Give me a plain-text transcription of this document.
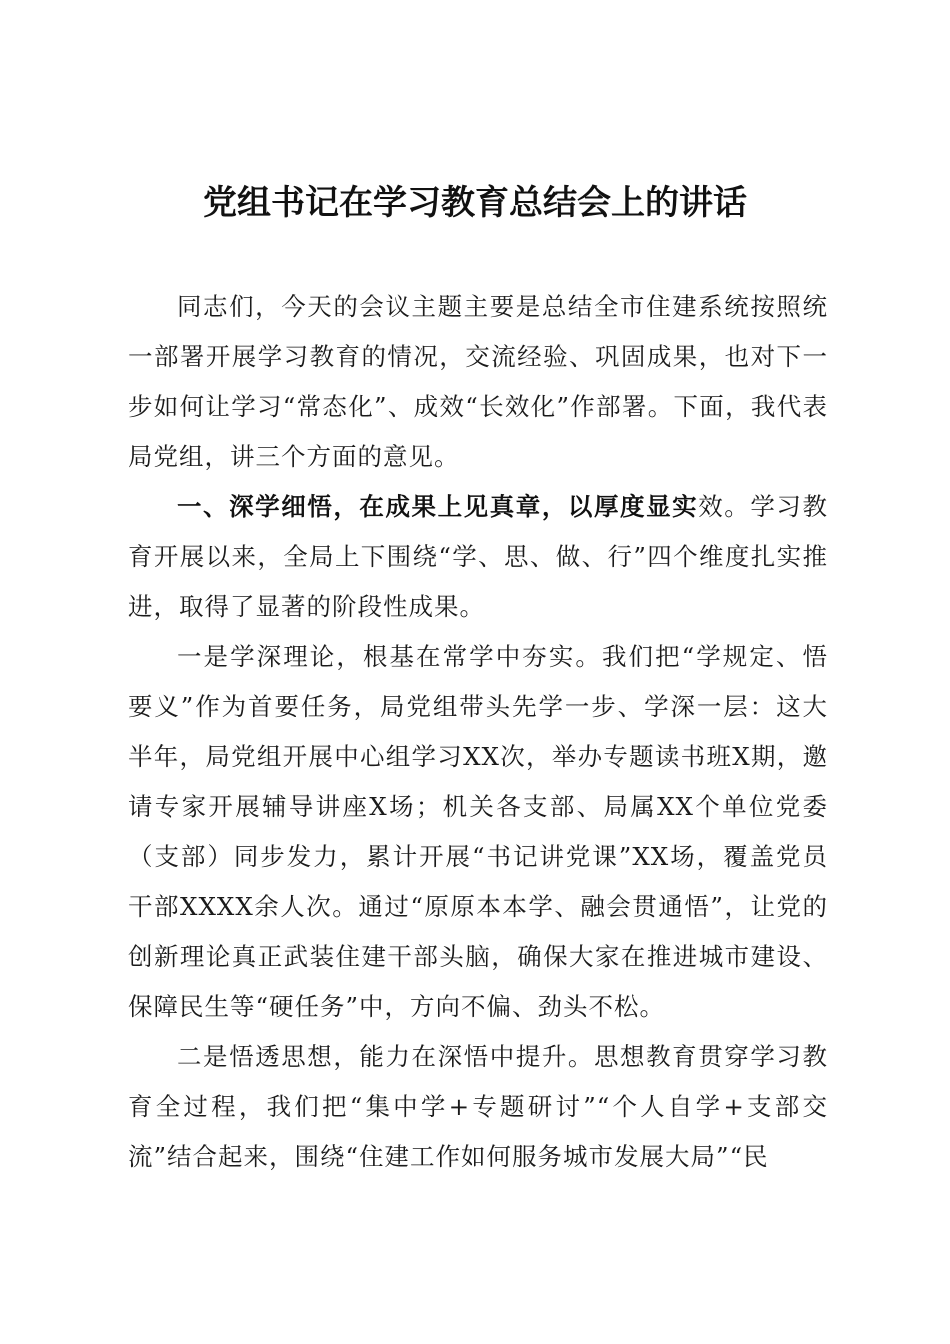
党组书记在学习教育总结会上的讲话

同志们，今天的会议主题主要是总结全市住建系统按照统一部署开展学习教育的情况，交流经验、巩固成果，也对下一步如何让学习“常态化”、成效“长效化”作部署。下面，我代表局党组，讲三个方面的意见。

一、深学细悟，在成果上见真章，以厚度显实效。学习教育开展以来，全局上下围绕“学、思、做、行”四个维度扎实推进，取得了显著的阶段性成果。

一是学深理论，根基在常学中夯实。我们把“学规定、悟要义”作为首要任务，局党组带头先学一步、学深一层：这大半年，局党组开展中心组学习XX次，举办专题读书班X期，邀请专家开展辅导讲座X场；机关各支部、局属XX个单位党委（支部）同步发力，累计开展“书记讲党课”XX场，覆盖党员干部XXXX余人次。通过“原原本本学、融会贯通悟”，让党的创新理论真正武装住建干部头脑，确保大家在推进城市建设、保障民生等“硬任务”中，方向不偏、劲头不松。

二是悟透思想，能力在深悟中提升。思想教育贯穿学习教育全过程，我们把“集中学+专题研讨”“个人自学+支部交流”结合起来，围绕“住建工作如何服务城市发展大局”“民
